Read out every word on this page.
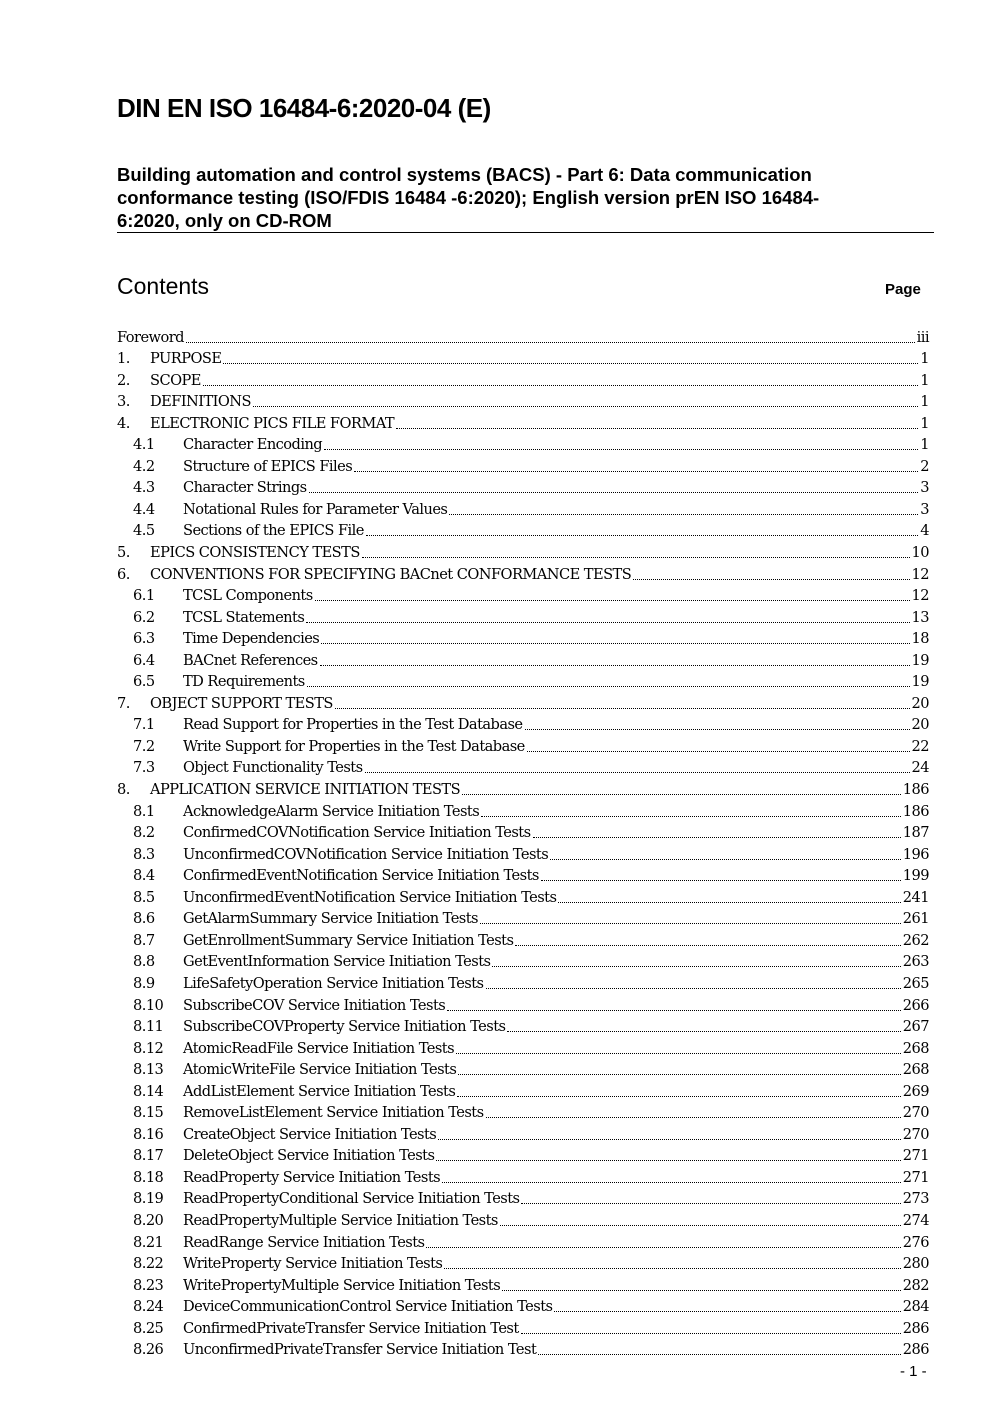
DIN EN ISO 16484-6:2020-04 (E)
Building automation and control systems (BACS) - Part 6: Data communication
conformance testing (ISO/FDIS 16484 -6:2020); English version prEN ISO 16484-
6:2020, only on CD-ROM
Contents	Page
Foreword	iii
1.	PURPOSE	1
2.	SCOPE	1
3.	DEFINITIONS	1
4.	ELECTRONIC PICS FILE FORMAT	1
4.1	Character Encoding	1
4.2	Structure of EPICS Files	2
4.3	Character Strings	3
4.4	Notational Rules for Parameter Values	3
4.5	Sections of the EPICS File	4
5.	EPICS CONSISTENCY TESTS	10
6.	CONVENTIONS FOR SPECIFYING BACnet CONFORMANCE TESTS	12
6.1	TCSL Components	12
6.2	TCSL Statements	13
6.3	Time Dependencies	18
6.4	BACnet References	19
6.5	TD Requirements	19
7.	OBJECT SUPPORT TESTS	20
7.1	Read Support for Properties in the Test Database	20
7.2	Write Support for Properties in the Test Database	22
7.3	Object Functionality Tests	24
8.	APPLICATION SERVICE INITIATION TESTS	186
8.1	AcknowledgeAlarm Service Initiation Tests	186
8.2	ConfirmedCOVNotification Service Initiation Tests	187
8.3	UnconfirmedCOVNotification Service Initiation Tests	196
8.4	ConfirmedEventNotification Service Initiation Tests	199
8.5	UnconfirmedEventNotification Service Initiation Tests	241
8.6	GetAlarmSummary Service Initiation Tests	261
8.7	GetEnrollmentSummary Service Initiation Tests	262
8.8	GetEventInformation Service Initiation Tests	263
8.9	LifeSafetyOperation Service Initiation Tests	265
8.10	SubscribeCOV Service Initiation Tests	266
8.11	SubscribeCOVProperty Service Initiation Tests	267
8.12	AtomicReadFile Service Initiation Tests	268
8.13	AtomicWriteFile Service Initiation Tests	268
8.14	AddListElement Service Initiation Tests	269
8.15	RemoveListElement Service Initiation Tests	270
8.16	CreateObject Service Initiation Tests	270
8.17	DeleteObject Service Initiation Tests	271
8.18	ReadProperty Service Initiation Tests	271
8.19	ReadPropertyConditional Service Initiation Tests	273
8.20	ReadPropertyMultiple Service Initiation Tests	274
8.21	ReadRange Service Initiation Tests	276
8.22	WriteProperty Service Initiation Tests	280
8.23	WritePropertyMultiple Service Initiation Tests	282
8.24	DeviceCommunicationControl Service Initiation Tests	284
8.25	ConfirmedPrivateTransfer Service Initiation Test	286
8.26	UnconfirmedPrivateTransfer Service Initiation Test	286
- 1 -
